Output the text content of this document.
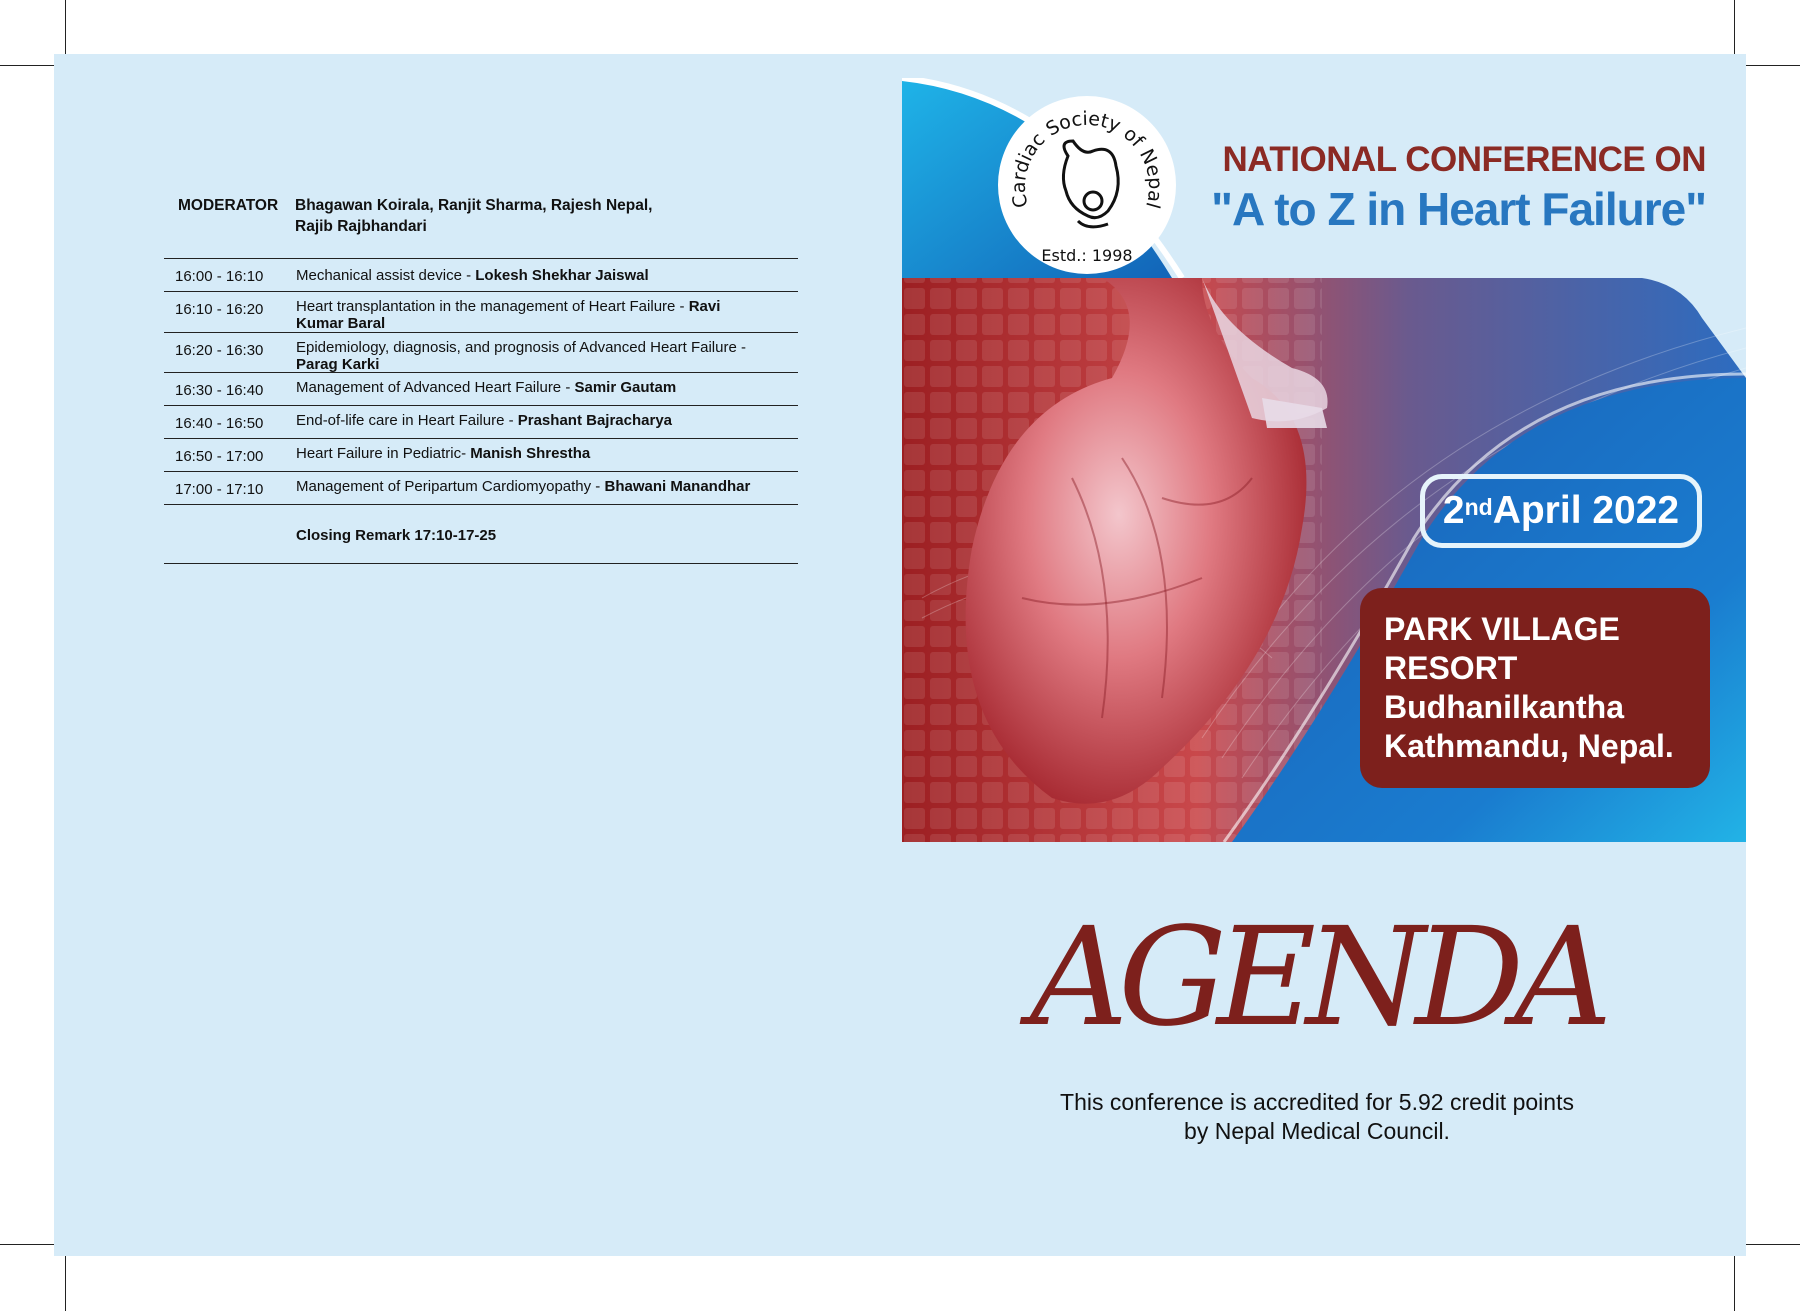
MODERATOR Bhagawan Koirala, Ranjit Sharma, Rajesh Nepal,
Rajib Rajbhandari
16:00 - 16:10 Mechanical assist device - Lokesh Shekhar Jaiswal
16:10 - 16:20 Heart transplantation in the management of Heart Failure - Ravi Kumar Baral
16:20 - 16:30 Epidemiology, diagnosis, and prognosis of Advanced Heart Failure - Parag Karki
16:30 - 16:40 Management of Advanced Heart Failure - Samir Gautam
16:40 - 16:50 End-of-life care in Heart Failure - Prashant Bajracharya
16:50 - 17:00 Heart Failure in Pediatric- Manish Shrestha
17:00 - 17:10 Management of Peripartum Cardiomyopathy - Bhawani Manandhar
Closing Remark 17:10-17-25
Cardiac Society of Nepal
Estd.: 1998
NATIONAL CONFERENCE ON
"A to Z in Heart Failure"
2nd April 2022
PARK VILLAGE
RESORT
Budhanilkantha
Kathmandu, Nepal.
AGENDA
This conference is accredited for 5.92 credit points
by Nepal Medical Council.
